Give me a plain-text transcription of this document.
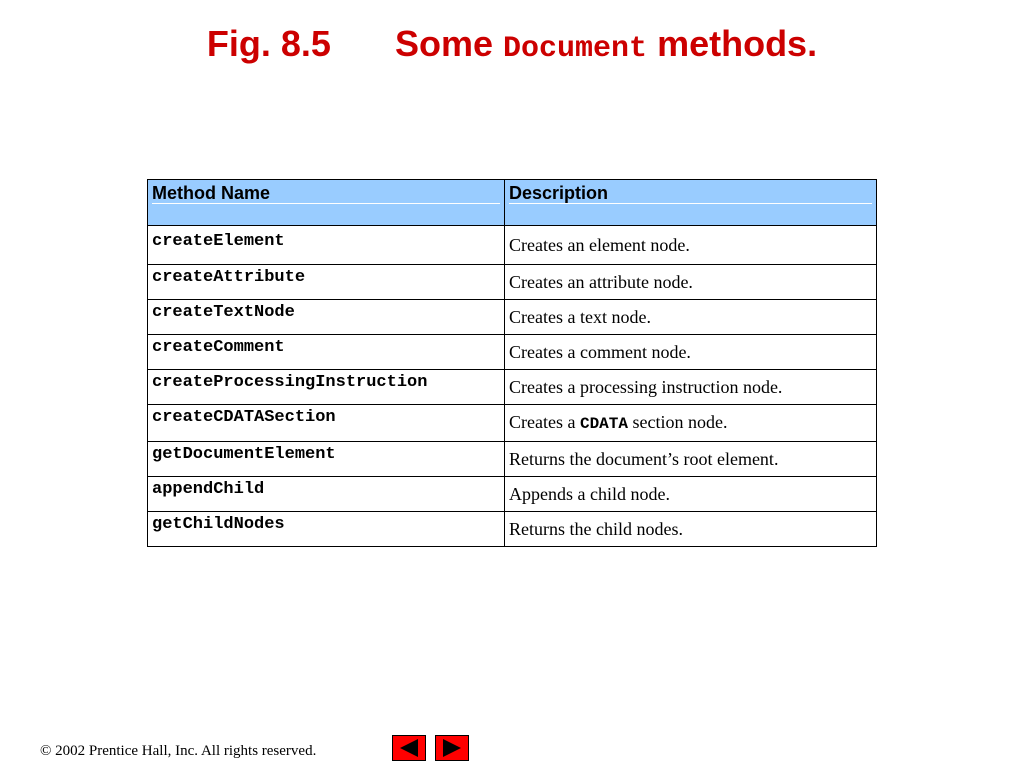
Fig. 8.5 Some Document methods.
Method Name	Description

createElement	Creates an element node.
createAttribute	Creates an attribute node.
createTextNode	Creates a text node.
createComment	Creates a comment node.
createProcessingInstruction	Creates a processing instruction node.
createCDATASection	Creates a CDATA section node.
getDocumentElement	Returns the document’s root element.
appendChild	Appends a child node.
getChildNodes	Returns the child nodes.
© 2002 Prentice Hall, Inc. All rights reserved.
